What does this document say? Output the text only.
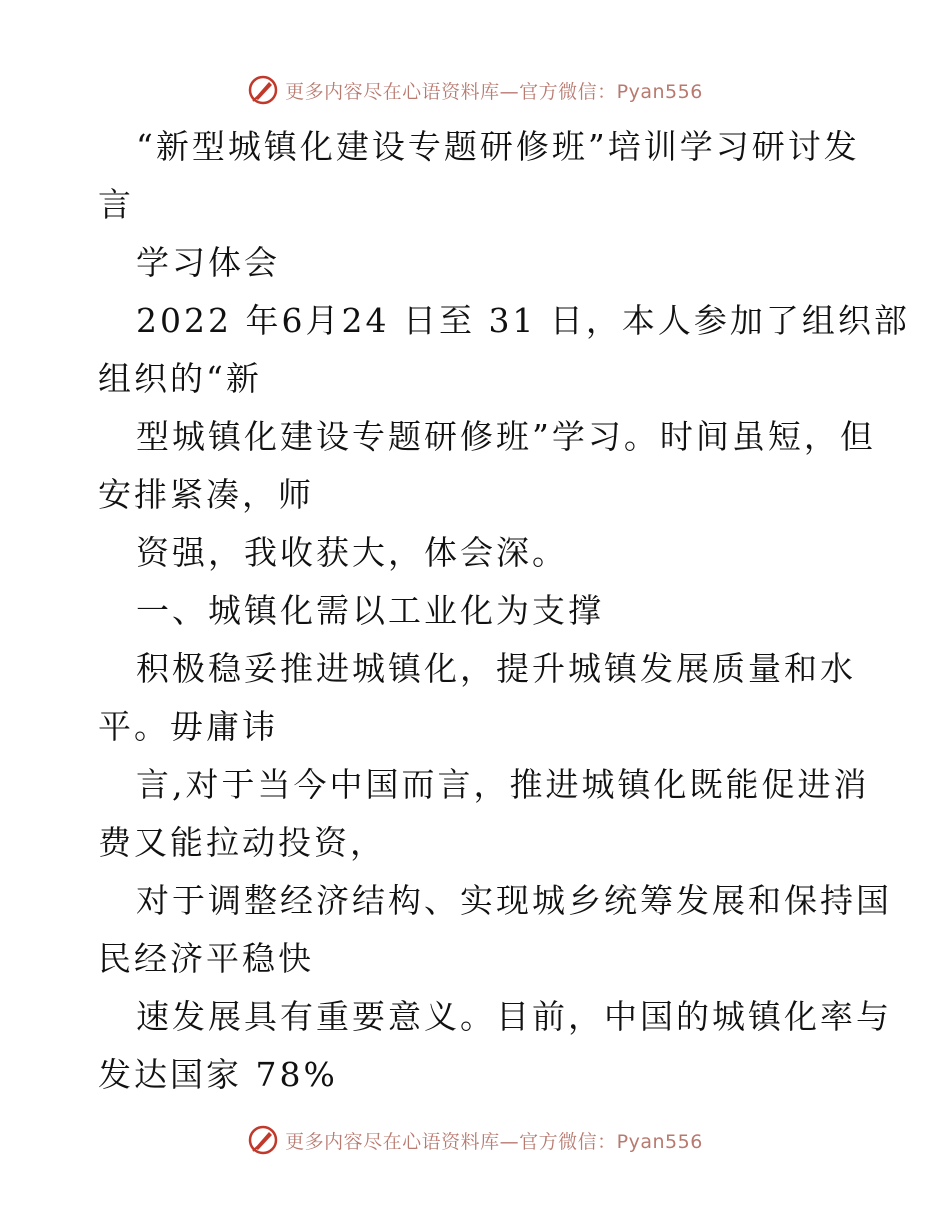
更多内容尽在心语资料库—官方微信：Pyan556
“新型城镇化建设专题研修班”培训学习研讨发
言
学习体会
2022 年6月24 日至 31 日，本人参加了组织部
组织的“新
型城镇化建设专题研修班”学习。时间虽短，但
安排紧凑，师
资强，我收获大，体会深。
一、城镇化需以工业化为支撑
积极稳妥推进城镇化，提升城镇发展质量和水
平。毋庸讳
言,对于当今中国而言，推进城镇化既能促进消
费又能拉动投资，
对于调整经济结构、实现城乡统筹发展和保持国
民经济平稳快
速发展具有重要意义。目前，中国的城镇化率与
发达国家 78%
更多内容尽在心语资料库—官方微信：Pyan556
